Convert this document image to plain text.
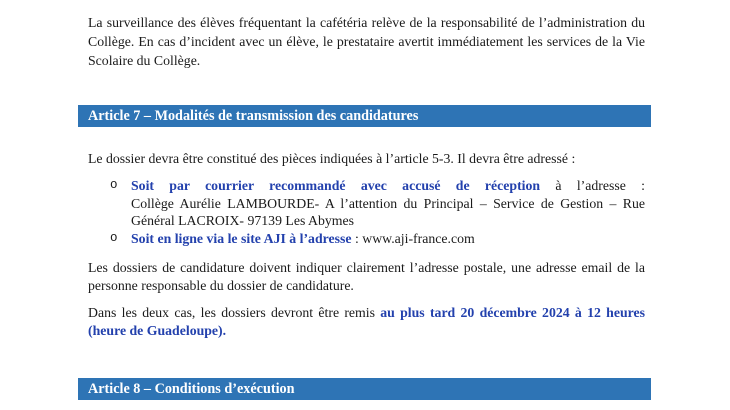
La surveillance des élèves fréquentant la cafétéria relève de la responsabilité de l’administration du
Collège. En cas d’incident avec un élève, le prestataire avertit immédiatement les services de la Vie
Scolaire du Collège.
Article 7 – Modalités de transmission des candidatures
Le dossier devra être constitué des pièces indiquées à l’article 5-3. Il devra être adressé :
o Soit par courrier recommandé avec accusé de réception à l’adresse :
Collège Aurélie LAMBOURDE- A l’attention du Principal – Service de Gestion – Rue
Général LACROIX- 97139 Les Abymes
o Soit en ligne via le site AJI à l’adresse : www.aji-france.com
Les dossiers de candidature doivent indiquer clairement l’adresse postale, une adresse email de la
personne responsable du dossier de candidature.
Dans les deux cas, les dossiers devront être remis au plus tard 20 décembre 2024 à 12 heures
(heure de Guadeloupe).
Article 8 – Conditions d’exécution
